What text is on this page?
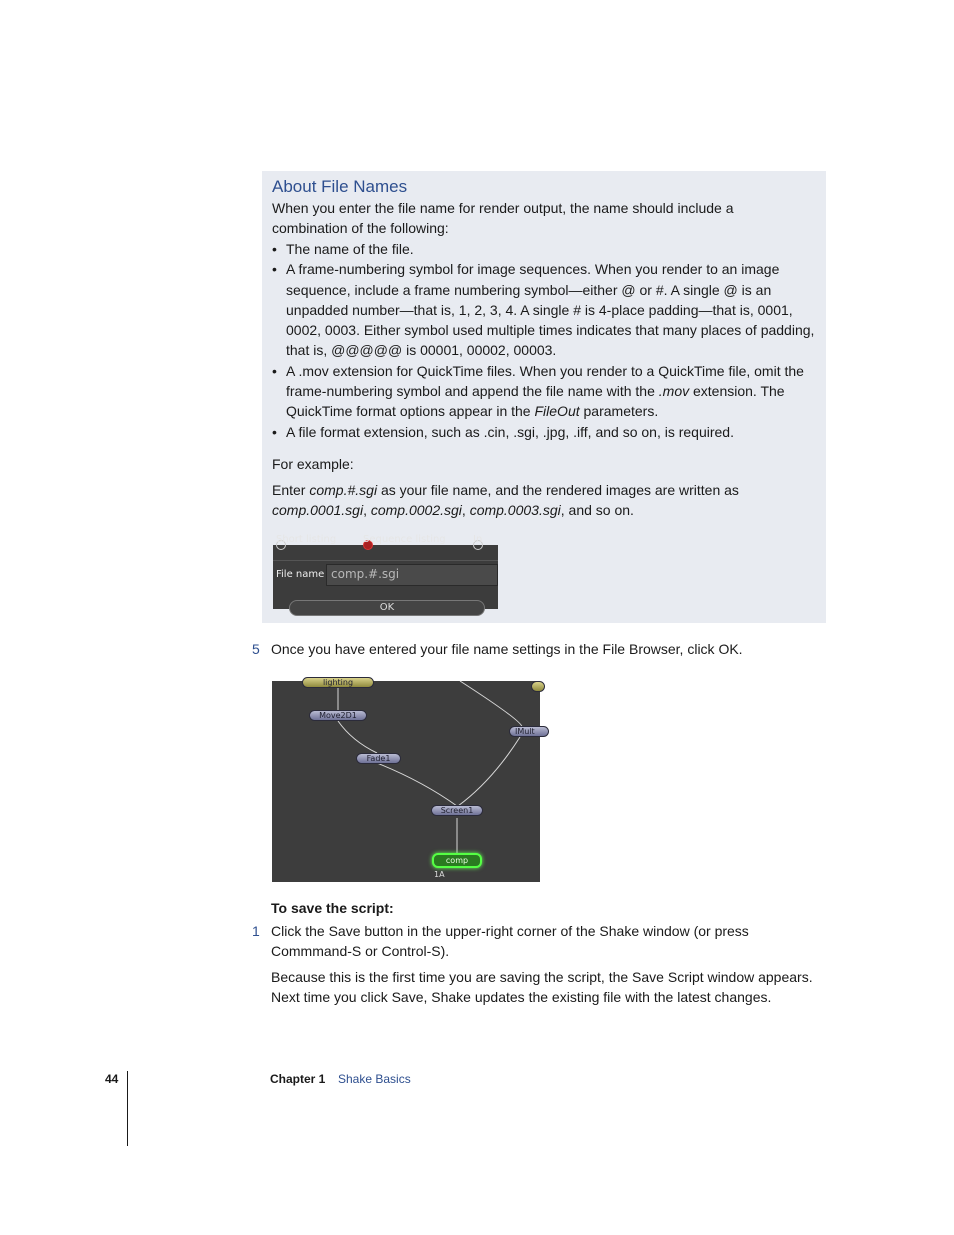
About File Names
When you enter the file name for render output, the name should include a combination of the following:
• The name of the file.
• A frame-numbering symbol for image sequences. When you render to an image sequence, include a frame numbering symbol—either @ or #. A single @ is an unpadded number—that is, 1, 2, 3, 4. A single # is 4-place padding—that is, 0001, 0002, 0003. Either symbol used multiple times indicates that many places of padding, that is, @@@@@ is 00001, 00002, 00003.
• A .mov extension for QuickTime files. When you render to a QuickTime file, omit the frame-numbering symbol and append the file name with the .mov extension. The QuickTime format options appear in the FileOut parameters.
• A file format extension, such as .cin, .sgi, .jpg, .iff, and so on, is required.
For example:
Enter comp.#.sgi as your file name, and the rendered images are written as comp.0001.sgi, comp.0002.sgi, comp.0003.sgi, and so on.
File name comp.#.sgi
OK
5 Once you have entered your file name settings in the File Browser, click OK.
lighting
Move2D1
IMult
Fade1
Screen1
comp
1A
To save the script:
1 Click the Save button in the upper-right corner of the Shake window (or press Commmand-S or Control-S).
Because this is the first time you are saving the script, the Save Script window appears. Next time you click Save, Shake updates the existing file with the latest changes.
44	Chapter 1 Shake Basics
